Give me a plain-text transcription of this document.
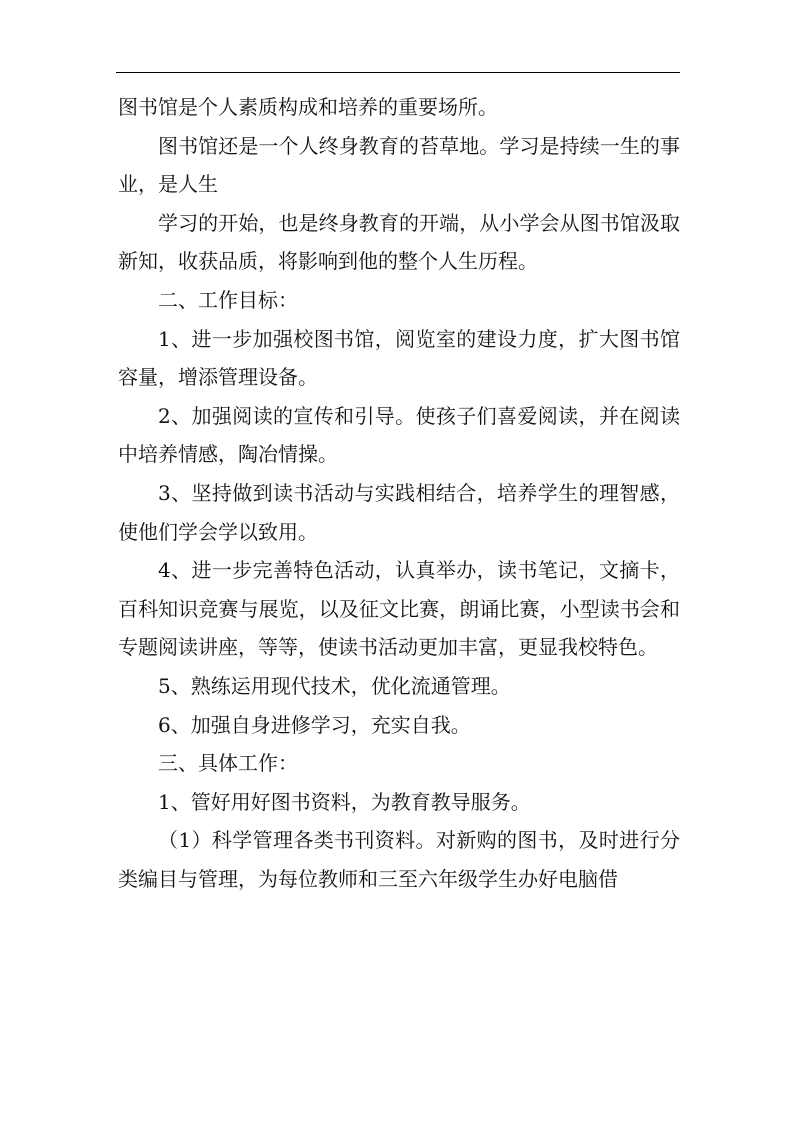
图书馆是个人素质构成和培养的重要场所。

图书馆还是一个人终身教育的苔草地。学习是持续一生的事业，是人生

学习的开始，也是终身教育的开端，从小学会从图书馆汲取新知，收获品质，将影响到他的整个人生历程。

二、工作目标：

1、进一步加强校图书馆，阅览室的建设力度，扩大图书馆容量，增添管理设备。

2、加强阅读的宣传和引导。使孩子们喜爱阅读，并在阅读中培养情感，陶冶情操。

3、坚持做到读书活动与实践相结合，培养学生的理智感，使他们学会学以致用。

4、进一步完善特色活动，认真举办，读书笔记，文摘卡，百科知识竞赛与展览，以及征文比赛，朗诵比赛，小型读书会和专题阅读讲座，等等，使读书活动更加丰富，更显我校特色。

5、熟练运用现代技术，优化流通管理。

6、加强自身进修学习，充实自我。

三、具体工作：

1、管好用好图书资料，为教育教导服务。

（1）科学管理各类书刊资料。对新购的图书，及时进行分类编目与管理，为每位教师和三至六年级学生办好电脑借
